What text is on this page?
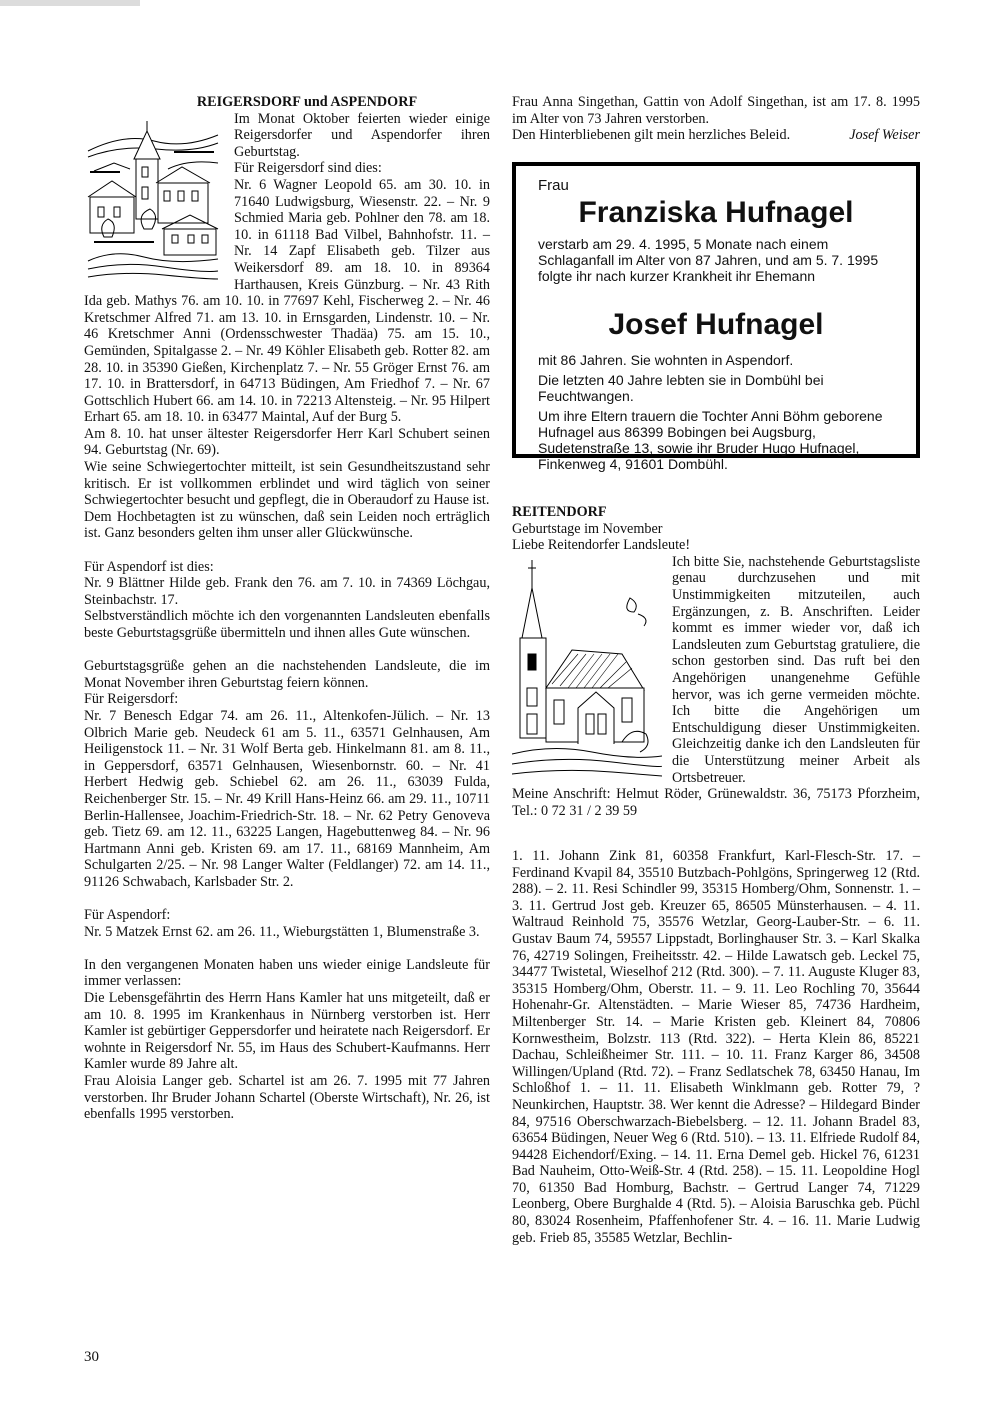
REIGERSDORF und ASPENDORF

Im Monat Oktober feierten wieder einige Reigersdorfer und Aspendorfer ihren Geburtstag.

Für Reigersdorf sind dies:

Nr. 6 Wagner Leopold 65. am 30. 10. in 71640 Ludwigsburg, Wiesenstr. 22. – Nr. 9 Schmied Maria geb. Pohlner den 78. am 18. 10. in 61118 Bad Vilbel, Bahnhofstr. 11. – Nr. 14 Zapf Elisabeth geb. Tilzer aus Weikersdorf 89. am 18. 10. in 89364 Harthausen, Kreis Günzburg. – Nr. 43 Rith Ida geb. Mathys 76. am 10. 10. in 77697 Kehl, Fischerweg 2. – Nr. 46 Kretschmer Alfred 71. am 13. 10. in Ernsgarden, Lindenstr. 10. – Nr. 46 Kretschmer Anni (Ordensschwester Thadäa) 75. am 15. 10., Gemünden, Spitalgasse 2. – Nr. 49 Köhler Elisabeth geb. Rotter 82. am 28. 10. in 35390 Gießen, Kirchenplatz 7. – Nr. 55 Gröger Ernst 76. am 17. 10. in Brattersdorf, in 64713 Büdingen, Am Friedhof 7. – Nr. 67 Gottschlich Hubert 66. am 14. 10. in 72213 Altensteig. – Nr. 95 Hilpert Erhart 65. am 18. 10. in 63477 Maintal, Auf der Burg 5.

Am 8. 10. hat unser ältester Reigersdorfer Herr Karl Schubert seinen 94. Geburtstag (Nr. 69).

Wie seine Schwiegertochter mitteilt, ist sein Gesundheitszustand sehr kritisch. Er ist vollkommen erblindet und wird täglich von seiner Schwiegertochter besucht und gepflegt, die in Oberaudorf zu Hause ist.

Dem Hochbetagten ist zu wünschen, daß sein Leiden noch erträglich ist. Ganz besonders gelten ihm unser aller Glückwünsche.

Für Aspendorf ist dies:

Nr. 9 Blättner Hilde geb. Frank den 76. am 7. 10. in 74369 Löchgau, Steinbachstr. 17.

Selbstverständlich möchte ich den vorgenannten Landsleuten ebenfalls beste Geburtstagsgrüße übermitteln und ihnen alles Gute wünschen.

Geburtstagsgrüße gehen an die nachstehenden Landsleute, die im Monat November ihren Geburtstag feiern können.

Für Reigersdorf:

Nr. 7 Benesch Edgar 74. am 26. 11., Altenkofen-Jülich. – Nr. 13 Olbrich Marie geb. Neudeck 61 am 5. 11., 63571 Gelnhausen, Am Heiligenstock 11. – Nr. 31 Wolf Berta geb. Hinkelmann 81. am 8. 11., in Geppersdorf, 63571 Gelnhausen, Wiesenbornstr. 60. – Nr. 41 Herbert Hedwig geb. Schiebel 62. am 26. 11., 63039 Fulda, Reichenberger Str. 15. – Nr. 49 Krill Hans-Heinz 66. am 29. 11., 10711 Berlin-Hallensee, Joachim-Friedrich-Str. 18. – Nr. 62 Petry Genoveva geb. Tietz 69. am 12. 11., 63225 Langen, Hagebuttenweg 84. – Nr. 96 Hartmann Anni geb. Kristen 69. am 17. 11., 68169 Mannheim, Am Schulgarten 2/25. – Nr. 98 Langer Walter (Feldlanger) 72. am 14. 11., 91126 Schwabach, Karlsbader Str. 2.

Für Aspendorf:

Nr. 5 Matzek Ernst 62. am 26. 11., Wieburgstätten 1, Blumenstraße 3.

In den vergangenen Monaten haben uns wieder einige Landsleute für immer verlassen:

Die Lebensgefährtin des Herrn Hans Kamler hat uns mitgeteilt, daß er am 10. 8. 1995 im Krankenhaus in Nürnberg verstorben ist. Herr Kamler ist gebürtiger Geppersdorfer und heiratete nach Reigersdorf. Er wohnte in Reigersdorf Nr. 55, im Haus des Schubert-Kaufmanns. Herr Kamler wurde 89 Jahre alt.

Frau Aloisia Langer geb. Schartel ist am 26. 7. 1995 mit 77 Jahren verstorben. Ihr Bruder Johann Schartel (Oberste Wirtschaft), Nr. 26, ist ebenfalls 1995 verstorben.

Frau Anna Singethan, Gattin von Adolf Singethan, ist am 17. 8. 1995 im Alter von 73 Jahren verstorben.

Den Hinterbliebenen gilt mein herzliches Beleid.	Josef Weiser

Frau

Franziska Hufnagel

verstarb am 29. 4. 1995, 5 Monate nach einem Schlaganfall im Alter von 87 Jahren, und am 5. 7. 1995 folgte ihr nach kurzer Krankheit ihr Ehemann

Josef Hufnagel

mit 86 Jahren. Sie wohnten in Aspendorf.

Die letzten 40 Jahre lebten sie in Dombühl bei Feuchtwangen.

Um ihre Eltern trauern die Tochter Anni Böhm geborene Hufnagel aus 86399 Bobingen bei Augsburg, Sudetenstraße 13, sowie ihr Bruder Hugo Hufnagel, Finkenweg 4, 91601 Dombühl.

REITENDORF

Geburtstage im November

Liebe Reitendorfer Landsleute!

Ich bitte Sie, nachstehende Geburtstagsliste genau durchzusehen und mit Unstimmigkeiten mitzuteilen, auch Ergänzungen, z. B. Anschriften. Leider kommt es immer wieder vor, daß ich Landsleuten zum Geburtstag gratuliere, die schon gestorben sind. Das ruft bei den Angehörigen unangenehme Gefühle hervor, was ich gerne vermeiden möchte. Ich bitte die Angehörigen um Entschuldigung dieser Unstimmigkeiten. Gleichzeitig danke ich den Landsleuten für die Unterstützung meiner Arbeit als Ortsbetreuer.

Meine Anschrift: Helmut Röder, Grünewaldstr. 36, 75173 Pforzheim, Tel.: 0 72 31 / 2 39 59

1. 11. Johann Zink 81, 60358 Frankfurt, Karl-Flesch-Str. 17. – Ferdinand Kvapil 84, 35510 Butzbach-Pohlgöns, Springerweg 12 (Rtd. 288). – 2. 11. Resi Schindler 99, 35315 Homberg/Ohm, Sonnenstr. 1. – 3. 11. Gertrud Jost geb. Kreuzer 65, 86505 Münsterhausen. – 4. 11. Waltraud Reinhold 75, 35576 Wetzlar, Georg-Lauber-Str. – 6. 11. Gustav Baum 74, 59557 Lippstadt, Borlinghauser Str. 3. – Karl Skalka 76, 42719 Solingen, Freiheitsstr. 42. – Hilde Lawatsch geb. Leckel 75, 34477 Twistetal, Wieselhof 212 (Rtd. 300). – 7. 11. Auguste Kluger 83, 35315 Homberg/Ohm, Oberstr. 11. – 9. 11. Leo Rochling 70, 35644 Hohenahr-Gr. Altenstädten. – Marie Wieser 85, 74736 Hardheim, Miltenberger Str. 14. – Marie Kristen geb. Kleinert 84, 70806 Kornwestheim, Bolzstr. 113 (Rtd. 322). – Herta Klein 86, 85221 Dachau, Schleißheimer Str. 111. – 10. 11. Franz Karger 86, 34508 Willingen/Upland (Rtd. 72). – Franz Sedlatschek 78, 63450 Hanau, Im Schloßhof 1. – 11. 11. Elisabeth Winklmann geb. Rotter 79, ? Neunkirchen, Hauptstr. 38. Wer kennt die Adresse? – Hildegard Binder 84, 97516 Oberschwarzach-Biebelsberg. – 12. 11. Johann Bradel 83, 63654 Büdingen, Neuer Weg 6 (Rtd. 510). – 13. 11. Elfriede Rudolf 84, 94428 Eichendorf/Exing. – 14. 11. Erna Demel geb. Hickel 76, 61231 Bad Nauheim, Otto-Weiß-Str. 4 (Rtd. 258). – 15. 11. Leopoldine Hogl 70, 61350 Bad Homburg, Bachstr. – Gertrud Langer 74, 71229 Leonberg, Obere Burghalde 4 (Rtd. 5). – Aloisia Baruschka geb. Püchl 80, 83024 Rosenheim, Pfaffenhofener Str. 4. – 16. 11. Marie Ludwig geb. Frieb 85, 35585 Wetzlar, Bechlin-

30
